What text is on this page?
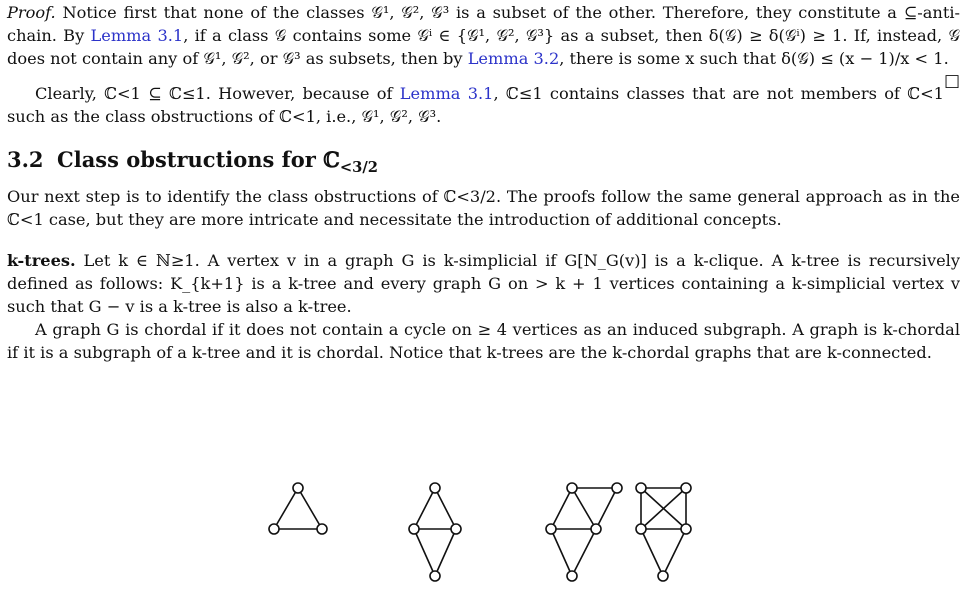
Proof. Notice first that none of the classes 𝒢¹, 𝒢², 𝒢³ is a subset of the other. Therefore, they constitute a ⊆-anti-chain. By Lemma 3.1, if a class 𝒢 contains some 𝒢ⁱ ∈ {𝒢¹, 𝒢², 𝒢³} as a subset, then δ(𝒢) ≥ δ(𝒢ⁱ) ≥ 1. If, instead, 𝒢 does not contain any of 𝒢¹, 𝒢², or 𝒢³ as subsets, then by Lemma 3.2, there is some x such that δ(𝒢) ≤ (x − 1)/x < 1.
□

Clearly, ℂ<1 ⊆ ℂ≤1. However, because of Lemma 3.1, ℂ≤1 contains classes that are not members of ℂ<1 such as the class obstructions of ℂ<1, i.e., 𝒢¹, 𝒢², 𝒢³.

3.2 Class obstructions for ℂ$_{<3/2}$

Our next step is to identify the class obstructions of ℂ<3/2. The proofs follow the same general approach as in the ℂ<1 case, but they are more intricate and necessitate the introduction of additional concepts.

k-trees. Let k ∈ ℕ≥1. A vertex v in a graph G is k-simplicial if G[N_G(v)] is a k-clique. A k-tree is recursively defined as follows: K_{k+1} is a k-tree and every graph G on > k + 1 vertices containing a k-simplicial vertex v such that G − v is a k-tree is also a k-tree.

A graph G is chordal if it does not contain a cycle on ≥ 4 vertices as an induced subgraph. A graph is k-chordal if it is a subgraph of a k-tree and it is chordal. Notice that k-trees are the k-chordal graphs that are k-connected.
